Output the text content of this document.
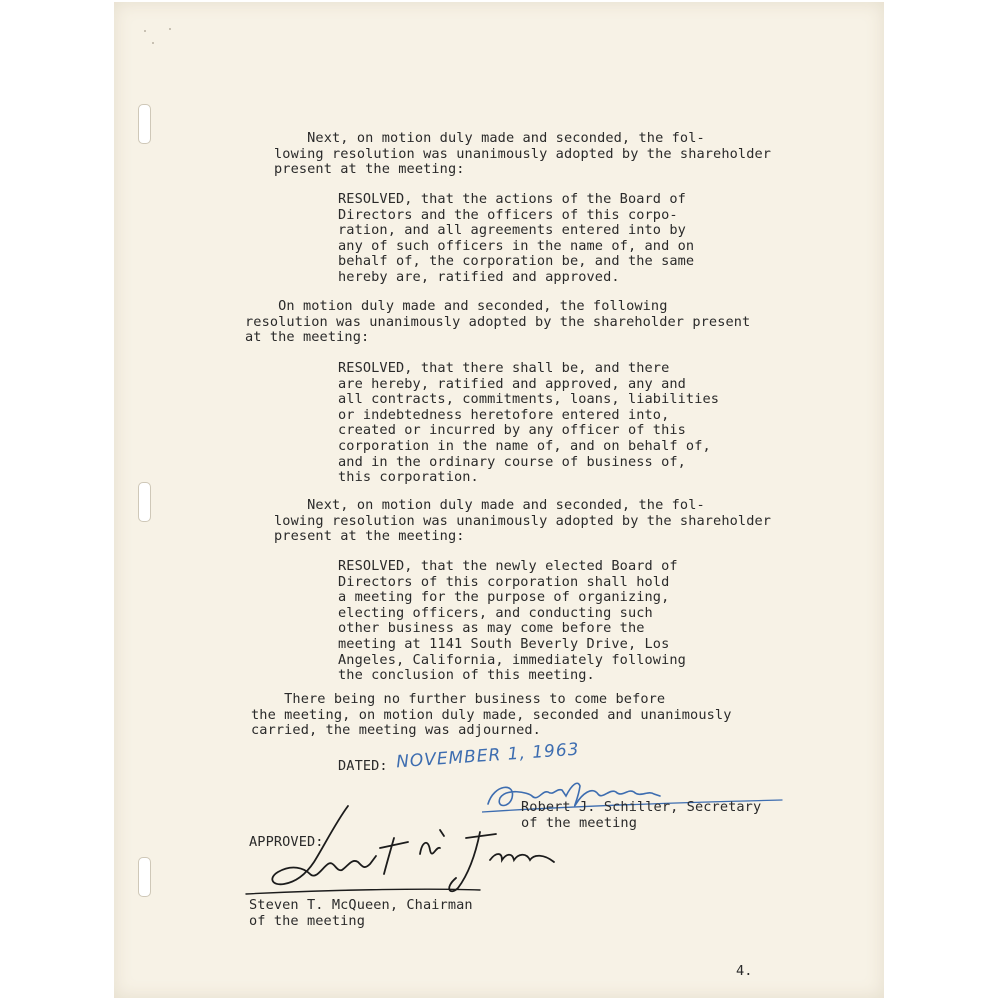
Next, on motion duly made and seconded, the fol-
lowing resolution was unanimously adopted by the shareholder
present at the meeting:
RESOLVED, that the actions of the Board of
Directors and the officers of this corpo-
ration, and all agreements entered into by
any of such officers in the name of, and on
behalf of, the corporation be, and the same
hereby are, ratified and approved.
On motion duly made and seconded, the following
resolution was unanimously adopted by the shareholder present
at the meeting:
RESOLVED, that there shall be, and there
are hereby, ratified and approved, any and
all contracts, commitments, loans, liabilities
or indebtedness heretofore entered into,
created or incurred by any officer of this
corporation in the name of, and on behalf of,
and in the ordinary course of business of,
this corporation.
Next, on motion duly made and seconded, the fol-
lowing resolution was unanimously adopted by the shareholder
present at the meeting:
RESOLVED, that the newly elected Board of
Directors of this corporation shall hold
a meeting for the purpose of organizing,
electing officers, and conducting such
other business as may come before the
meeting at 1141 South Beverly Drive, Los
Angeles, California, immediately following
the conclusion of this meeting.
There being no further business to come before
the meeting, on motion duly made, seconded and unanimously
carried, the meeting was adjourned.
DATED: NOVEMBER 1, 1963
Robert J. Schiller, Secretary
of the meeting
APPROVED:
Steven T. McQueen, Chairman
of the meeting
4.
